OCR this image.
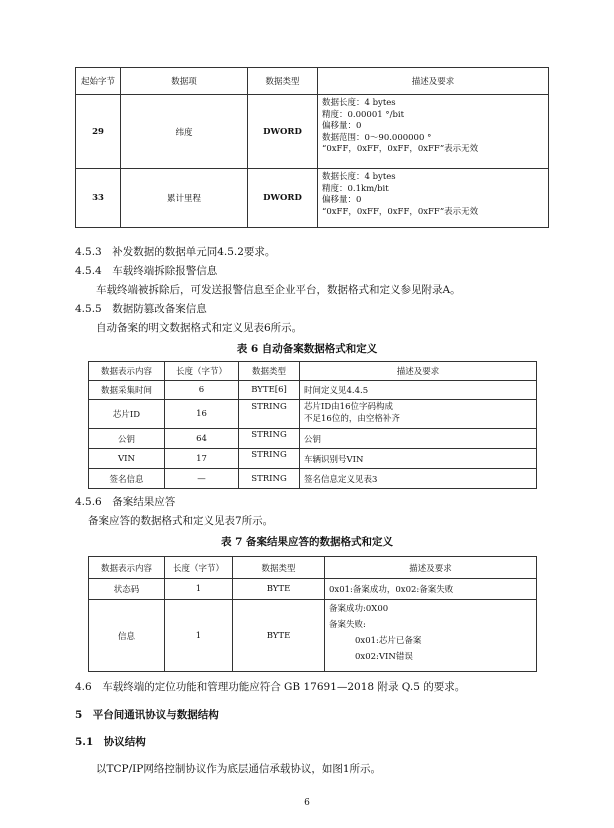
起始字节	数据项	数据类型	描述及要求
29	纬度	DWORD	数据长度：4 bytes
精度：0.00001 °/bit
偏移量：0
数据范围：0～90.000000 °
“0xFF，0xFF，0xFF，0xFF”表示无效

33	累计里程	DWORD	数据长度：4 bytes
精度：0.1km/bit
偏移量：0
“0xFF，0xFF，0xFF，0xFF”表示无效
4.5.3　补发数据的数据单元同4.5.2要求。
4.5.4　车载终端拆除报警信息
车载终端被拆除后，可发送报警信息至企业平台，数据格式和定义参见附录A。
4.5.5　数据防篡改备案信息
自动备案的明文数据格式和定义见表6所示。
表 6 自动备案数据格式和定义
数据表示内容	长度（字节）	数据类型	描述及要求
数据采集时间	6	BYTE[6]	时间定义见4.4.5
芯片ID	16	STRING	芯片ID由16位字码构成
不足16位的，由空格补齐

公钥	64	STRING	公钥
VIN	17	STRING	车辆识别号VIN
签名信息	—	STRING	签名信息定义见表3
4.5.6　备案结果应答
备案应答的数据格式和定义见表7所示。
表 7 备案结果应答的数据格式和定义
数据表示内容	长度（字节）	数据类型	描述及要求
状态码	1	BYTE	0x01:备案成功，0x02:备案失败
信息	1	BYTE	备案成功:0X00
备案失败:
0x01:芯片已备案
0x02:VIN错误
4.6　车载终端的定位功能和管理功能应符合 GB 17691—2018 附录 Q.5 的要求。
5　平台间通讯协议与数据结构
5.1　协议结构
以TCP/IP网络控制协议作为底层通信承载协议，如图1所示。
6
